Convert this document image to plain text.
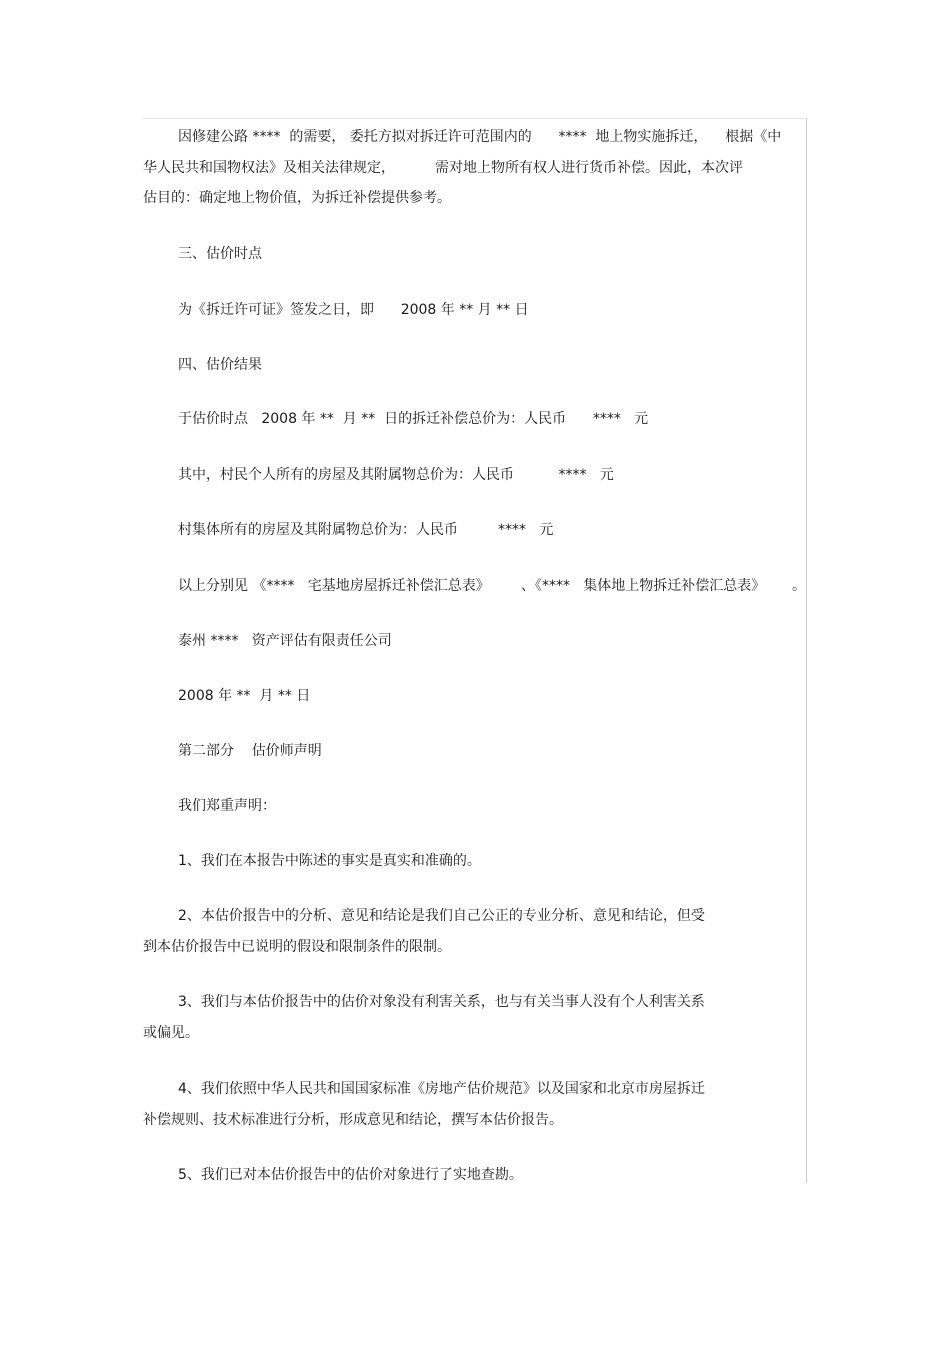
因修建公路 ****  的需要， 委托方拟对拆迁许可范围内的      ****  地上物实施拆迁，    根据《中
华人民共和国物权法》及相关法律规定，         需对地上物所有权人进行货币补偿。因此，本次评
估目的：确定地上物价值，为拆迁补偿提供参考。
三、估价时点
为《拆迁许可证》签发之日，即      2008 年 ** 月 ** 日
四、估价结果
于估价时点   2008 年 **  月 **  日的拆迁补偿总价为：人民币      ****   元
其中，村民个人所有的房屋及其附属物总价为：人民币          ****   元
村集体所有的房屋及其附属物总价为：人民币         ****   元
以上分别见 《****   宅基地房屋拆迁补偿汇总表》       、《****   集体地上物拆迁补偿汇总表》      。
泰州 ****   资产评估有限责任公司
2008 年 **  月 ** 日
第二部分    估价师声明
我们郑重声明：
1、我们在本报告中陈述的事实是真实和准确的。
2、本估价报告中的分析、意见和结论是我们自己公正的专业分析、意见和结论，但受
到本估价报告中已说明的假设和限制条件的限制。
3、我们与本估价报告中的估价对象没有利害关系，也与有关当事人没有个人利害关系
或偏见。
4、我们依照中华人民共和国国家标准《房地产估价规范》以及国家和北京市房屋拆迁
补偿规则、技术标准进行分析，形成意见和结论，撰写本估价报告。
5、我们已对本估价报告中的估价对象进行了实地查勘。
